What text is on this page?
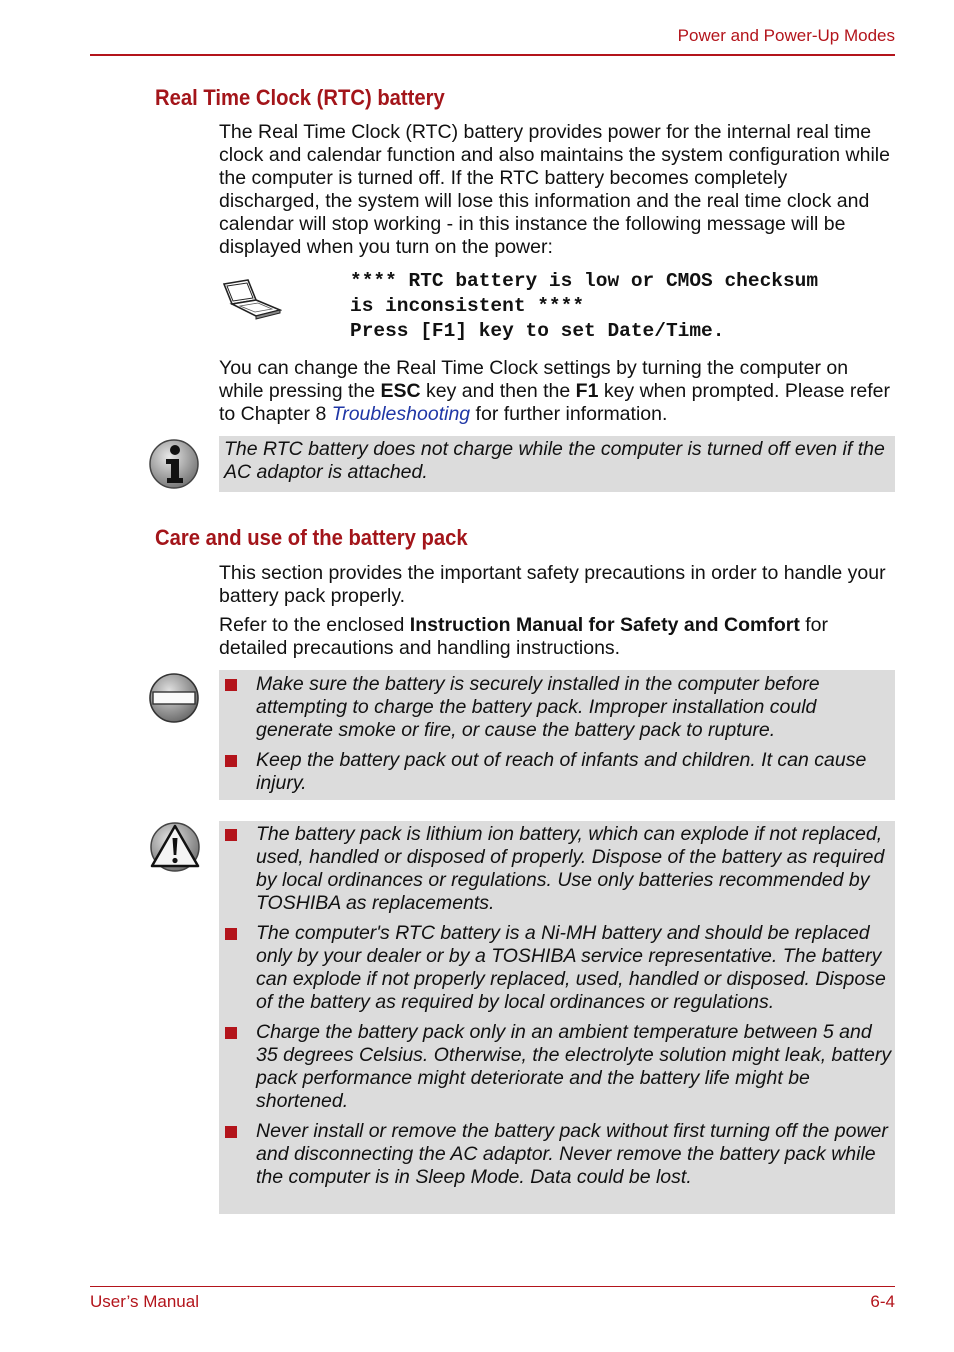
Power and Power-Up Modes
Real Time Clock (RTC) battery

The Real Time Clock (RTC) battery provides power for the internal real time clock and calendar function and also maintains the system configuration while the computer is turned off. If the RTC battery becomes completely discharged, the system will lose this information and the real time clock and calendar will stop working - in this instance the following message will be displayed when you turn on the power:

**** RTC battery is low or CMOS checksum
is inconsistent ****
Press [F1] key to set Date/Time.

You can change the Real Time Clock settings by turning the computer on while pressing the ESC key and then the F1 key when prompted. Please refer to Chapter 8 Troubleshooting for further information.

The RTC battery does not charge while the computer is turned off even if the AC adaptor is attached.
Care and use of the battery pack

This section provides the important safety precautions in order to handle your battery pack properly.

Refer to the enclosed Instruction Manual for Safety and Comfort for detailed precautions and handling instructions.

Make sure the battery is securely installed in the computer before attempting to charge the battery pack. Improper installation could generate smoke or fire, or cause the battery pack to rupture.
Keep the battery pack out of reach of infants and children. It can cause injury.
The battery pack is lithium ion battery, which can explode if not replaced, used, handled or disposed of properly. Dispose of the battery as required by local ordinances or regulations. Use only batteries recommended by TOSHIBA as replacements.
The computer's RTC battery is a Ni-MH battery and should be replaced only by your dealer or by a TOSHIBA service representative. The battery can explode if not properly replaced, used, handled or disposed. Dispose of the battery as required by local ordinances or regulations.
Charge the battery pack only in an ambient temperature between 5 and 35 degrees Celsius. Otherwise, the electrolyte solution might leak, battery pack performance might deteriorate and the battery life might be shortened.
Never install or remove the battery pack without first turning off the power and disconnecting the AC adaptor. Never remove the battery pack while the computer is in Sleep Mode. Data could be lost.
User’s Manual	6-4
